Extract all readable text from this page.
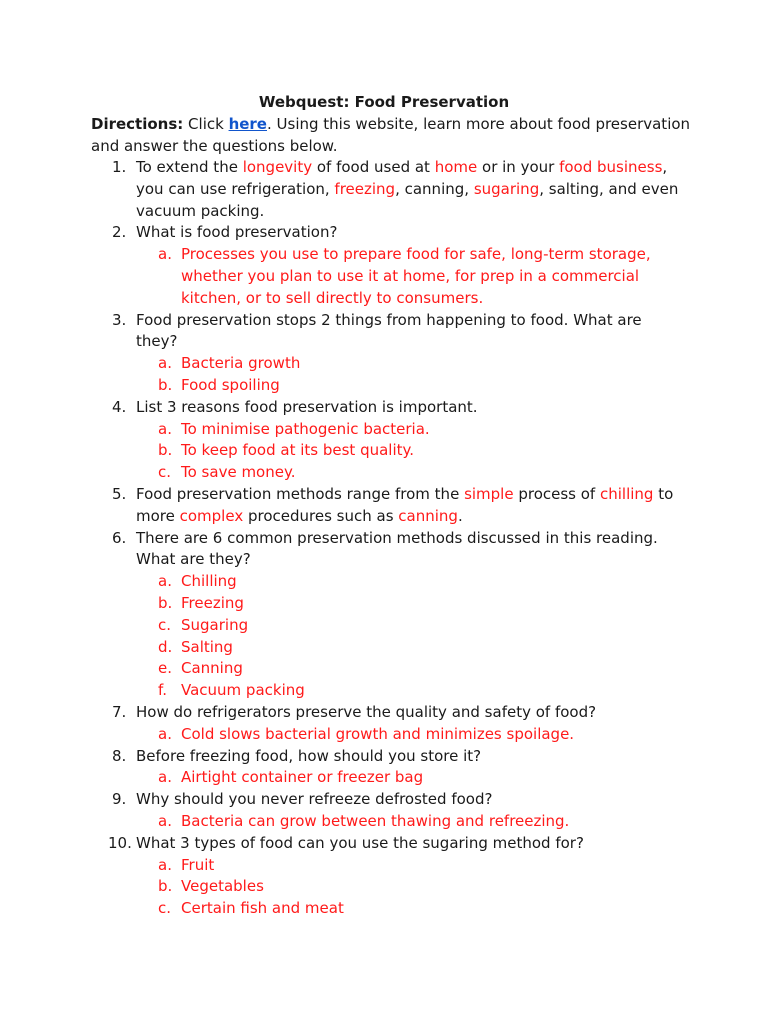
Webquest: Food Preservation
Directions: Click here. Using this website, learn more about food preservation and answer the questions below.
1. To extend the longevity of food used at home or in your food business, you can use refrigeration, freezing, canning, sugaring, salting, and even vacuum packing.
2. What is food preservation?
a. Processes you use to prepare food for safe, long-term storage, whether you plan to use it at home, for prep in a commercial kitchen, or to sell directly to consumers.
3. Food preservation stops 2 things from happening to food. What are they?
a. Bacteria growth
b. Food spoiling
4. List 3 reasons food preservation is important.
a. To minimise pathogenic bacteria.
b. To keep food at its best quality.
c. To save money.
5. Food preservation methods range from the simple process of chilling to more complex procedures such as canning.
6. There are 6 common preservation methods discussed in this reading. What are they?
a. Chilling
b. Freezing
c. Sugaring
d. Salting
e. Canning
f. Vacuum packing
7. How do refrigerators preserve the quality and safety of food?
a. Cold slows bacterial growth and minimizes spoilage.
8. Before freezing food, how should you store it?
a. Airtight container or freezer bag
9. Why should you never refreeze defrosted food?
a. Bacteria can grow between thawing and refreezing.
10. What 3 types of food can you use the sugaring method for?
a. Fruit
b. Vegetables
c. Certain fish and meat
